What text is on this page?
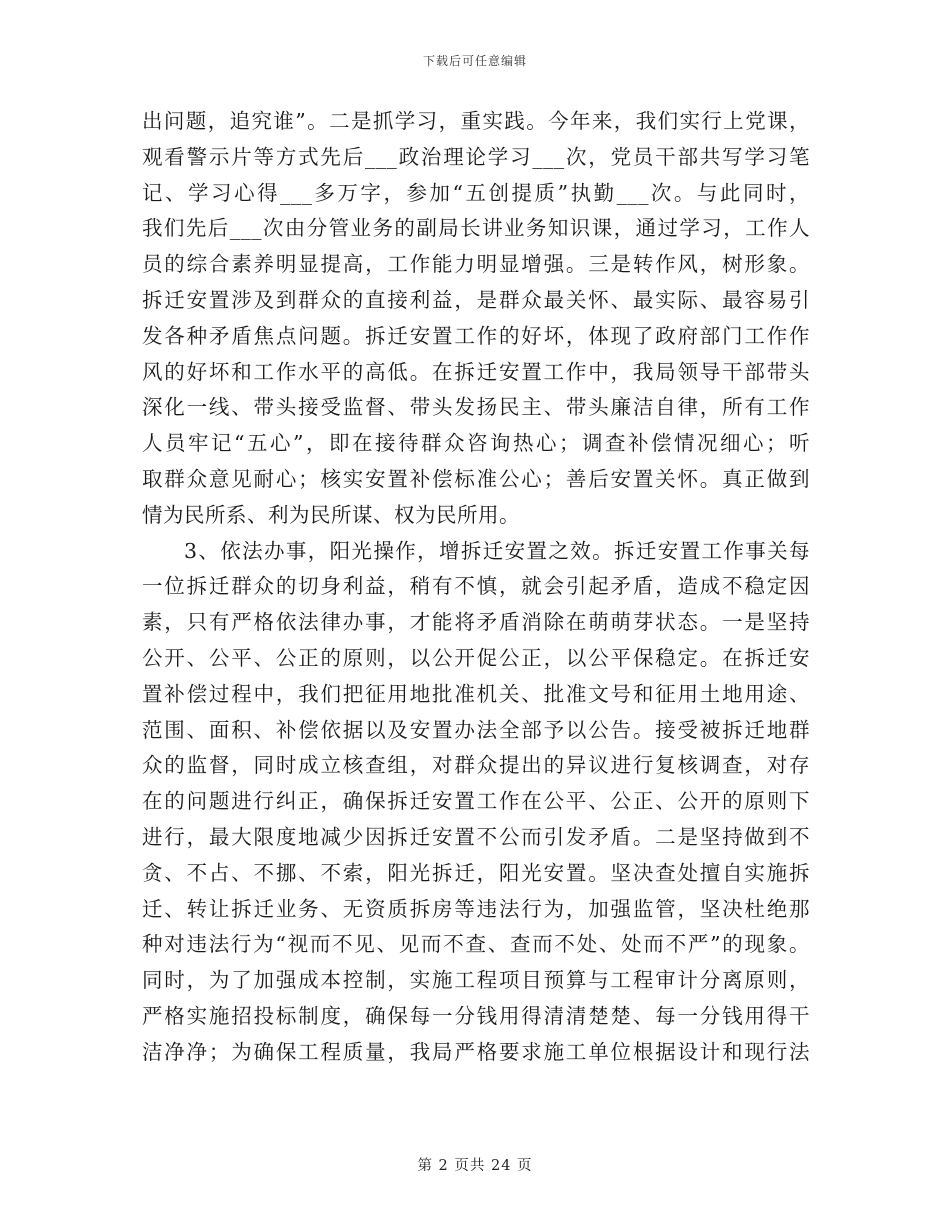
下载后可任意编辑
出问题，追究谁”。二是抓学习，重实践。今年来，我们实行上党课，
观看警示片等方式先后___政治理论学习___次，党员干部共写学习笔
记、学习心得___多万字，参加“五创提质”执勤___次。与此同时，
我们先后___次由分管业务的副局长讲业务知识课，通过学习，工作人
员的综合素养明显提高，工作能力明显增强。三是转作风，树形象。
拆迁安置涉及到群众的直接利益，是群众最关怀、最实际、最容易引
发各种矛盾焦点问题。拆迁安置工作的好坏，体现了政府部门工作作
风的好坏和工作水平的高低。在拆迁安置工作中，我局领导干部带头
深化一线、带头接受监督、带头发扬民主、带头廉洁自律，所有工作
人员牢记“五心”，即在接待群众咨询热心；调查补偿情况细心；听
取群众意见耐心；核实安置补偿标准公心；善后安置关怀。真正做到
情为民所系、利为民所谋、权为民所用。
3、依法办事，阳光操作，增拆迁安置之效。拆迁安置工作事关每
一位拆迁群众的切身利益，稍有不慎，就会引起矛盾，造成不稳定因
素，只有严格依法律办事，才能将矛盾消除在萌萌芽状态。一是坚持
公开、公平、公正的原则，以公开促公正，以公平保稳定。在拆迁安
置补偿过程中，我们把征用地批准机关、批准文号和征用土地用途、
范围、面积、补偿依据以及安置办法全部予以公告。接受被拆迁地群
众的监督，同时成立核查组，对群众提出的异议进行复核调查，对存
在的问题进行纠正，确保拆迁安置工作在公平、公正、公开的原则下
进行，最大限度地减少因拆迁安置不公而引发矛盾。二是坚持做到不
贪、不占、不挪、不索，阳光拆迁，阳光安置。坚决查处擅自实施拆
迁、转让拆迁业务、无资质拆房等违法行为，加强监管，坚决杜绝那
种对违法行为“视而不见、见而不查、查而不处、处而不严”的现象。
同时，为了加强成本控制，实施工程项目预算与工程审计分离原则，
严格实施招投标制度，确保每一分钱用得清清楚楚、每一分钱用得干
洁净净；为确保工程质量，我局严格要求施工单位根据设计和现行法
第 2 页共 24 页
